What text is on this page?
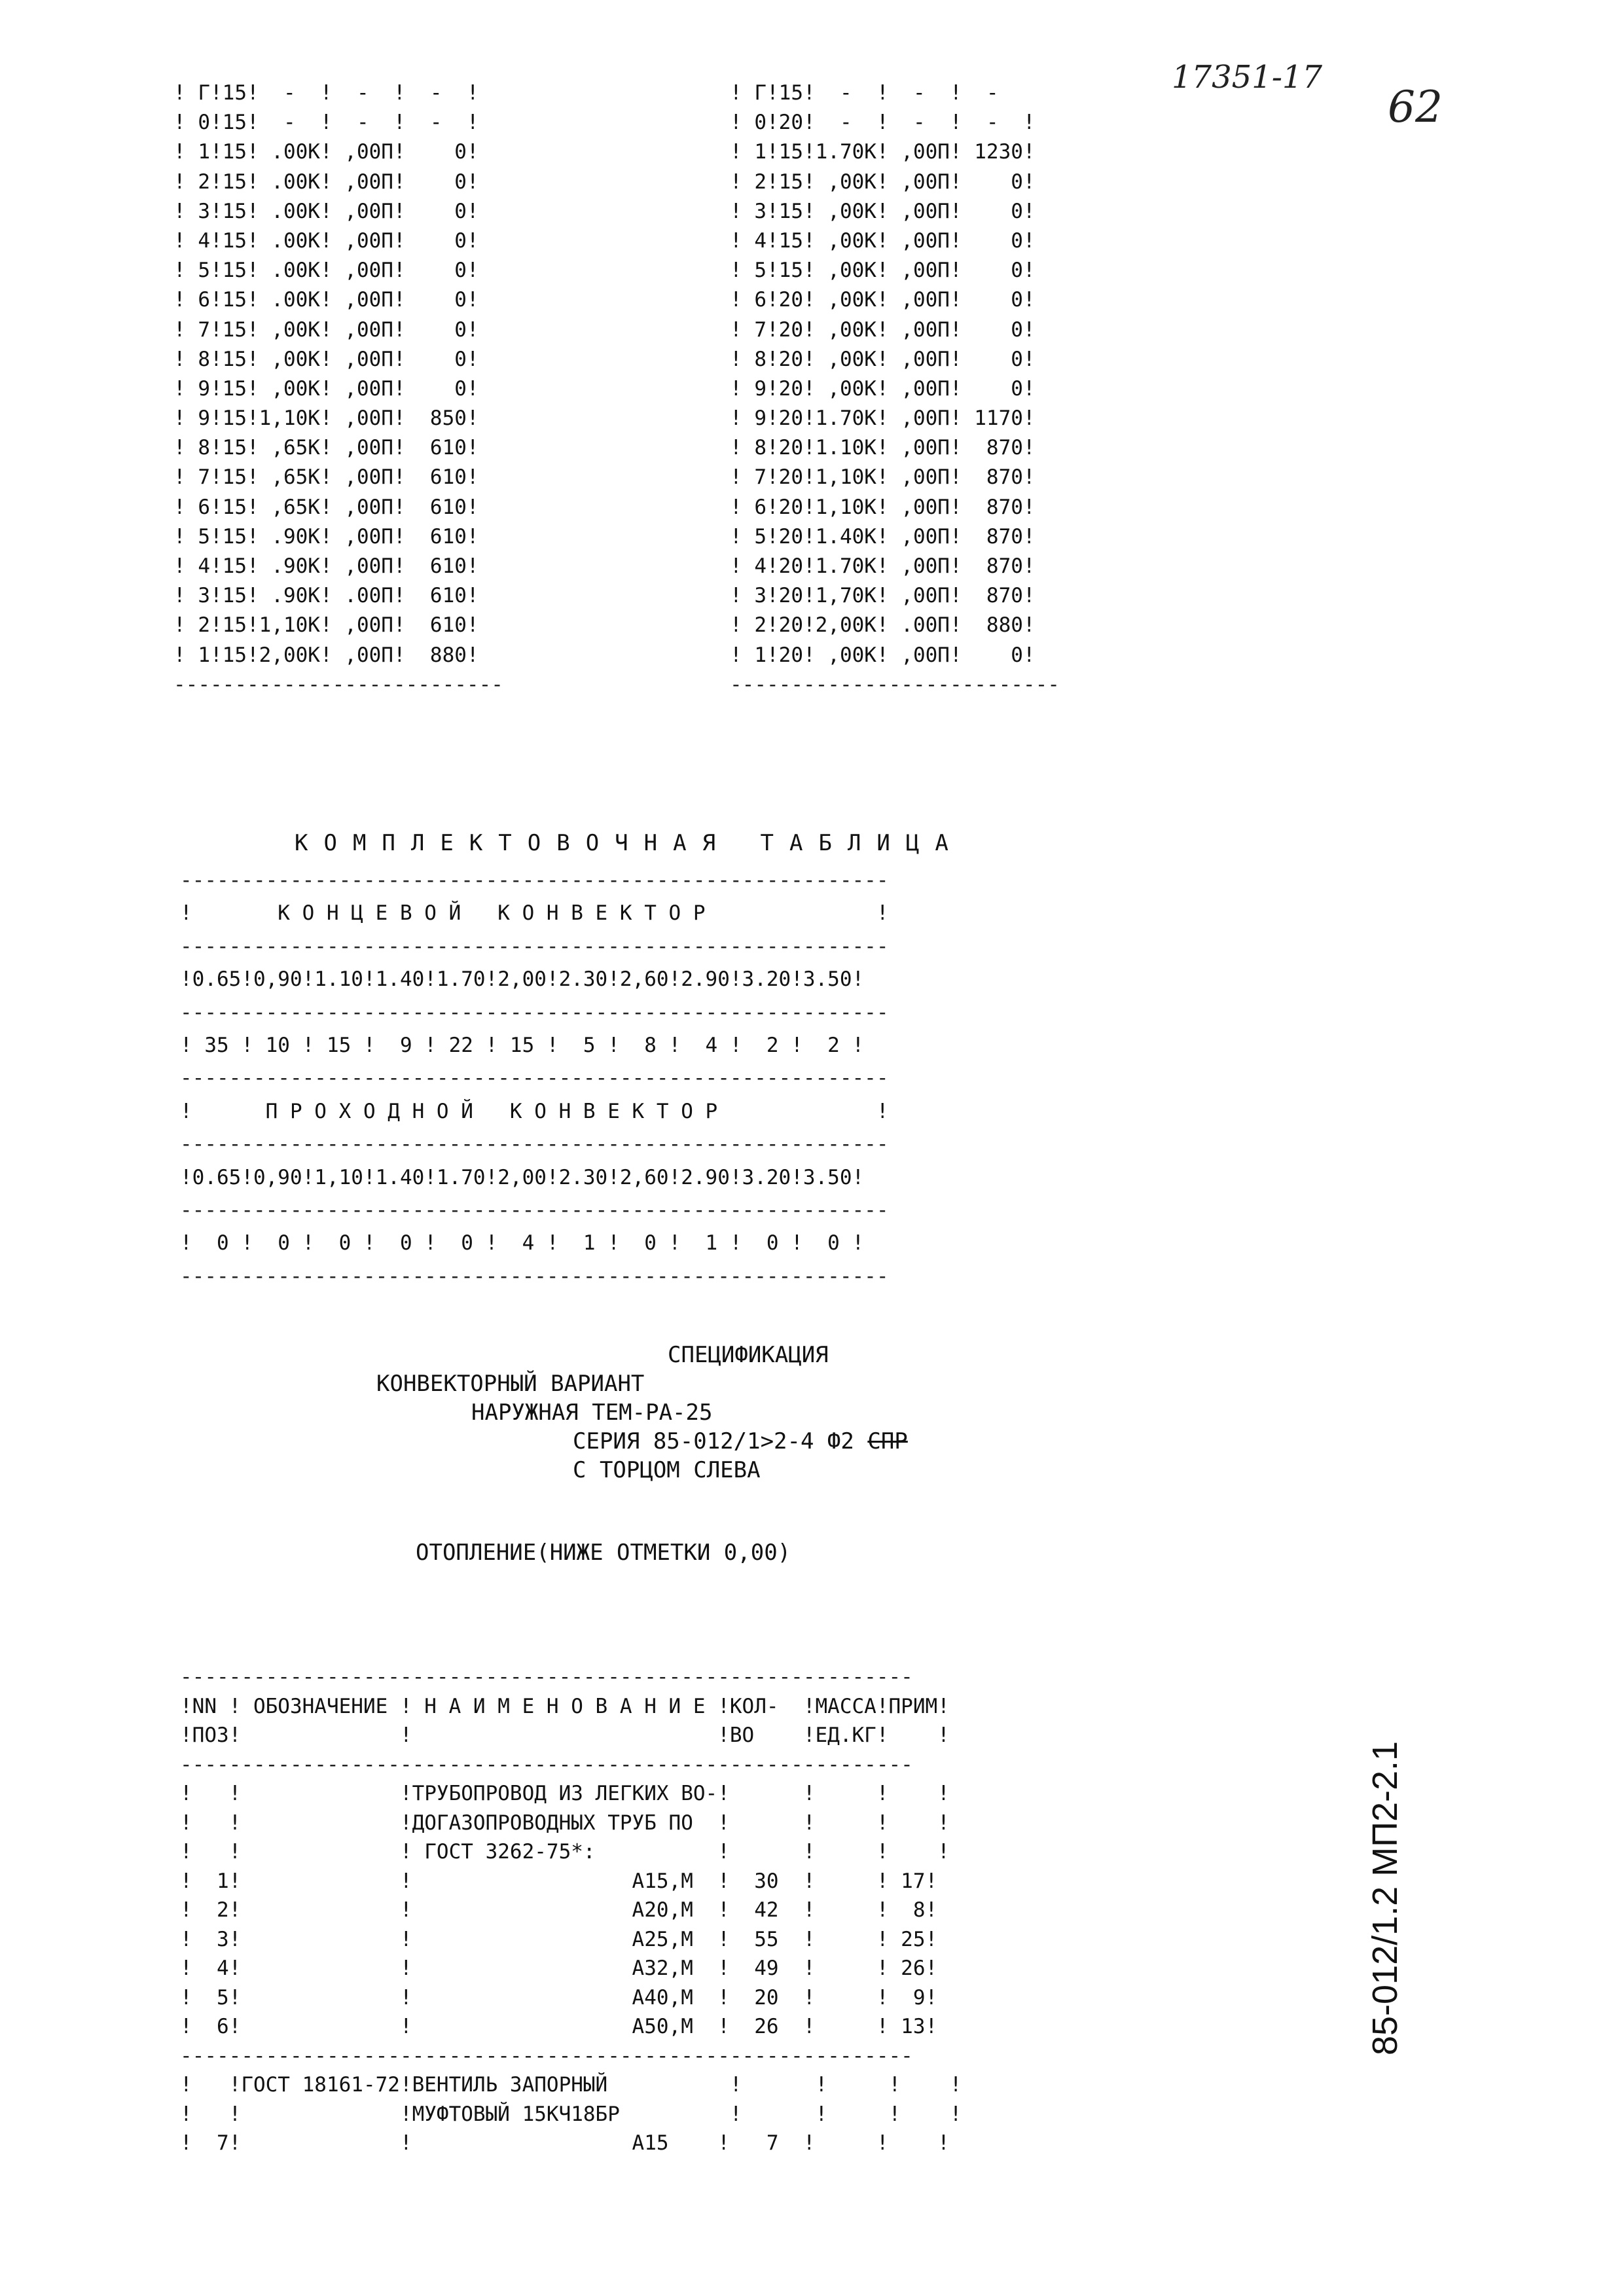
17351-17
62
85-012/1.2 МП2-2.1
! Г!15!  -  !  -  !  -  !
! 0!15!  -  !  -  !  -  !
! 1!15! .00К! ,00П!    0!
! 2!15! .00К! ,00П!    0!
! 3!15! .00К! ,00П!    0!
! 4!15! .00К! ,00П!    0!
! 5!15! .00К! ,00П!    0!
! 6!15! .00К! ,00П!    0!
! 7!15! ,00К! ,00П!    0!
! 8!15! ,00К! ,00П!    0!
! 9!15! ,00К! ,00П!    0!
! 9!15!1,10К! ,00П!  850!
! 8!15! ,65К! ,00П!  610!
! 7!15! ,65К! ,00П!  610!
! 6!15! ,65К! ,00П!  610!
! 5!15! .90К! ,00П!  610!
! 4!15! .90К! ,00П!  610!
! 3!15! .90К! .00П!  610!
! 2!15!1,10К! ,00П!  610!
! 1!15!2,00К! ,00П!  880!
---------------------------
! Г!15!  -  !  -  !  -
! 0!20!  -  !  -  !  -  !
! 1!15!1.70К! ,00П! 1230!
! 2!15! ,00К! ,00П!    0!
! 3!15! ,00К! ,00П!    0!
! 4!15! ,00К! ,00П!    0!
! 5!15! ,00К! ,00П!    0!
! 6!20! ,00К! ,00П!    0!
! 7!20! ,00К! ,00П!    0!
! 8!20! ,00К! ,00П!    0!
! 9!20! ,00К! ,00П!    0!
! 9!20!1.70К! ,00П! 1170!
! 8!20!1.10К! ,00П!  870!
! 7!20!1,10К! ,00П!  870!
! 6!20!1,10К! ,00П!  870!
! 5!20!1.40К! ,00П!  870!
! 4!20!1.70К! ,00П!  870!
! 3!20!1,70К! ,00П!  870!
! 2!20!2,00К! .00П!  880!
! 1!20! ,00К! ,00П!    0!
---------------------------
КОМПЛЕКТОВОЧНАЯ ТАБЛИЦА
----------------------------------------------------------
!       К О Н Ц Е В О Й   К О Н В Е К Т О Р              !
----------------------------------------------------------
!0.65!0,90!1.10!1.40!1.70!2,00!2.30!2,60!2.90!3.20!3.50!
----------------------------------------------------------
! 35 ! 10 ! 15 !  9 ! 22 ! 15 !  5 !  8 !  4 !  2 !  2 !
----------------------------------------------------------
!      П Р О Х О Д Н О Й   К О Н В Е К Т О Р             !
----------------------------------------------------------
!0.65!0,90!1,10!1.40!1.70!2,00!2.30!2,60!2.90!3.20!3.50!
----------------------------------------------------------
!  0 !  0 !  0 !  0 !  0 !  4 !  1 !  0 !  1 !  0 !  0 !
----------------------------------------------------------

СПЕЦИФИКАЦИЯ

КОНВЕКТОРНЫЙ ВАРИАНТ

НАРУЖНАЯ ТЕМ-РА-25

СЕРИЯ 85-012/1>2-4 Ф2 СПР

С ТОРЦОМ СЛЕВА

ОТОПЛЕНИЕ(НИЖЕ ОТМЕТКИ 0,00)

------------------------------------------------------------
!NN ! ОБОЗНАЧЕНИЕ ! Н А И М Е Н О В А Н И Е !КОЛ-  !МАССА!ПРИМ!
!ПОЗ!             !                         !ВО    !ЕД.КГ!    !
------------------------------------------------------------
!   !             !ТРУБОПРОВОД ИЗ ЛЕГКИХ ВО-!      !     !    !
!   !             !ДОГАЗОПРОВОДНЫХ ТРУБ ПО  !      !     !    !
!   !             ! ГОСТ 3262-75*:          !      !     !    !
!  1!             !                  А15,М  !  30  !     ! 17!
!  2!             !                  А20,М  !  42  !     !  8!
!  3!             !                  А25,М  !  55  !     ! 25!
!  4!             !                  А32,М  !  49  !     ! 26!
!  5!             !                  А40,М  !  20  !     !  9!
!  6!             !                  А50,М  !  26  !     ! 13!
------------------------------------------------------------
!   !ГОСТ 18161-72!ВЕНТИЛЬ ЗАПОРНЫЙ          !      !     !    !
!   !             !МУФТОВЫЙ 15КЧ18БР         !      !     !    !
!  7!             !                  А15    !   7  !     !    !
